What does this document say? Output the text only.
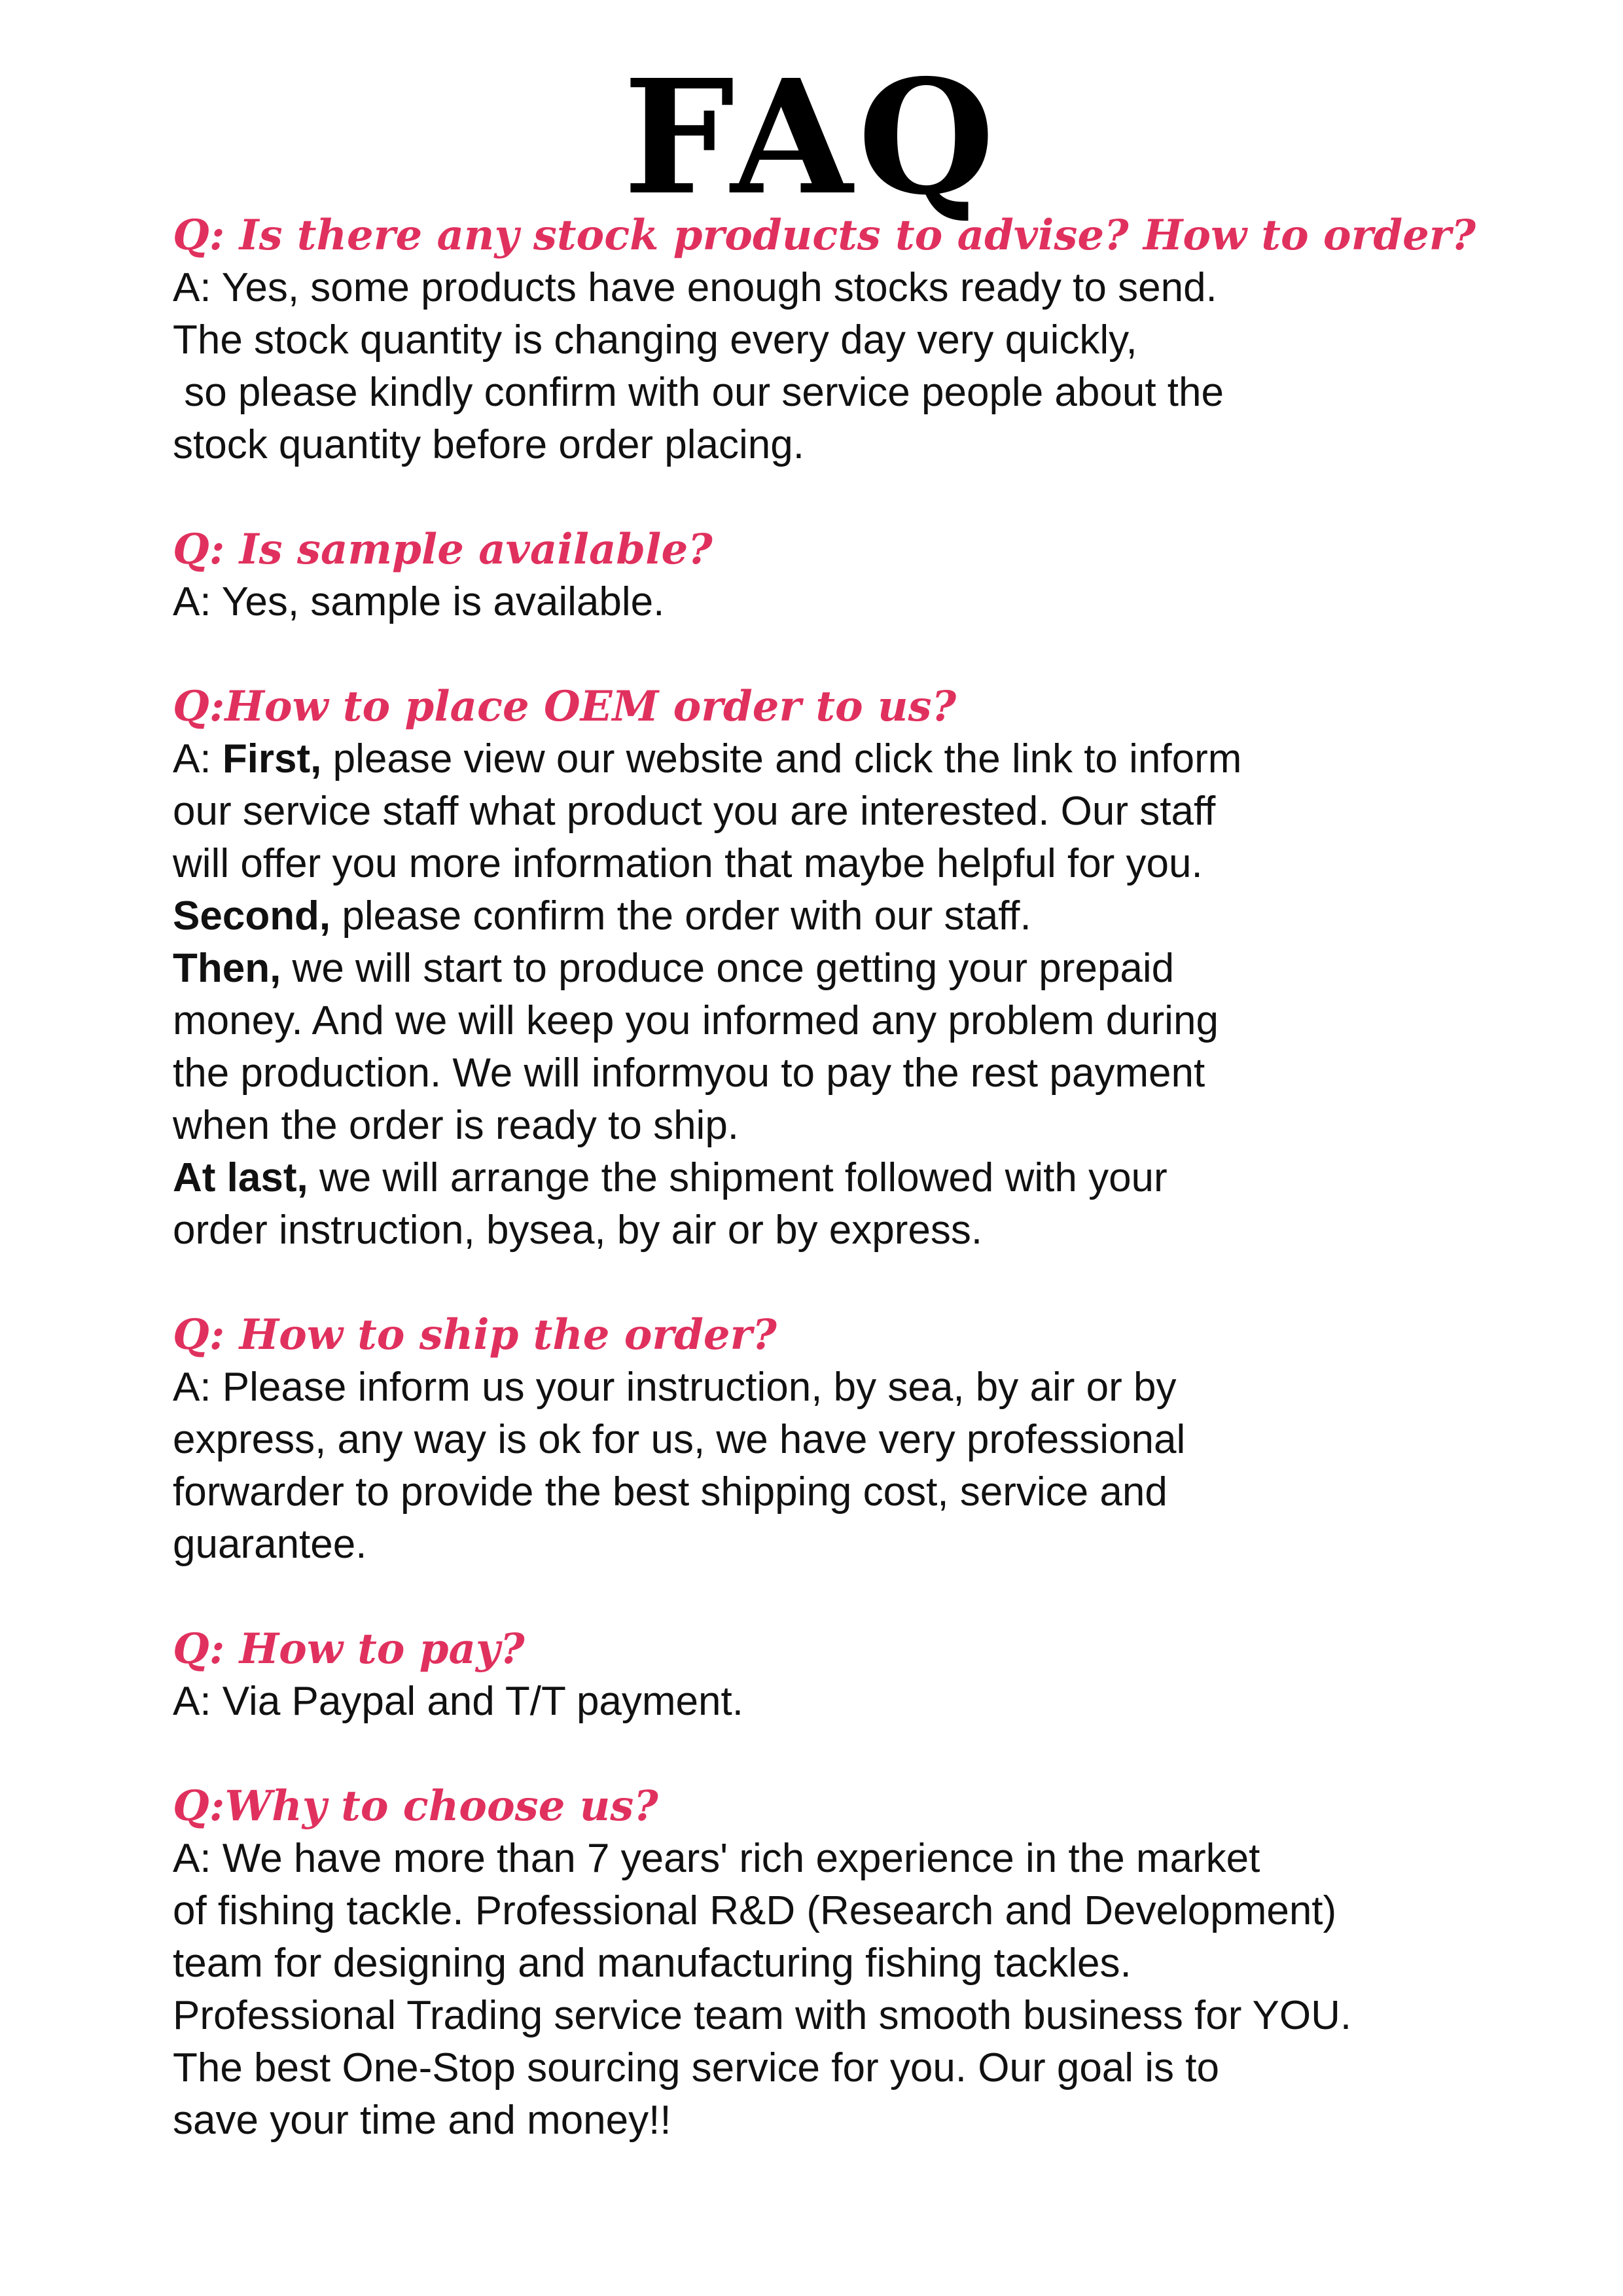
FAQ

Q: Is there any stock products to advise? How to order?

A: Yes, some products have enough stocks ready to send.
The stock quantity is changing every day very quickly,
so please kindly confirm with our service people about the
stock quantity before order placing.

Q: Is sample available?

A: Yes, sample is available.

Q:How to place OEM order to us?

A: First, please view our website and click the link to inform
our service staff what product you are interested. Our staff
will offer you more information that maybe helpful for you.
Second, please confirm the order with our staff.
Then, we will start to produce once getting your prepaid
money. And we will keep you informed any problem during
the production. We will informyou to pay the rest payment
when the order is ready to ship.
At last, we will arrange the shipment followed with your
order instruction, bysea, by air or by express.

Q: How to ship the order?

A: Please inform us your instruction, by sea, by air or by
express, any way is ok for us, we have very professional
forwarder to provide the best shipping cost, service and
guarantee.

Q: How to pay?

A: Via Paypal and T/T payment.

Q:Why to choose us?

A: We have more than 7 years' rich experience in the market
of fishing tackle. Professional R&D (Research and Development)
team for designing and manufacturing fishing tackles.
Professional Trading service team with smooth business for YOU.
The best One-Stop sourcing service for you. Our goal is to
save your time and money!!
